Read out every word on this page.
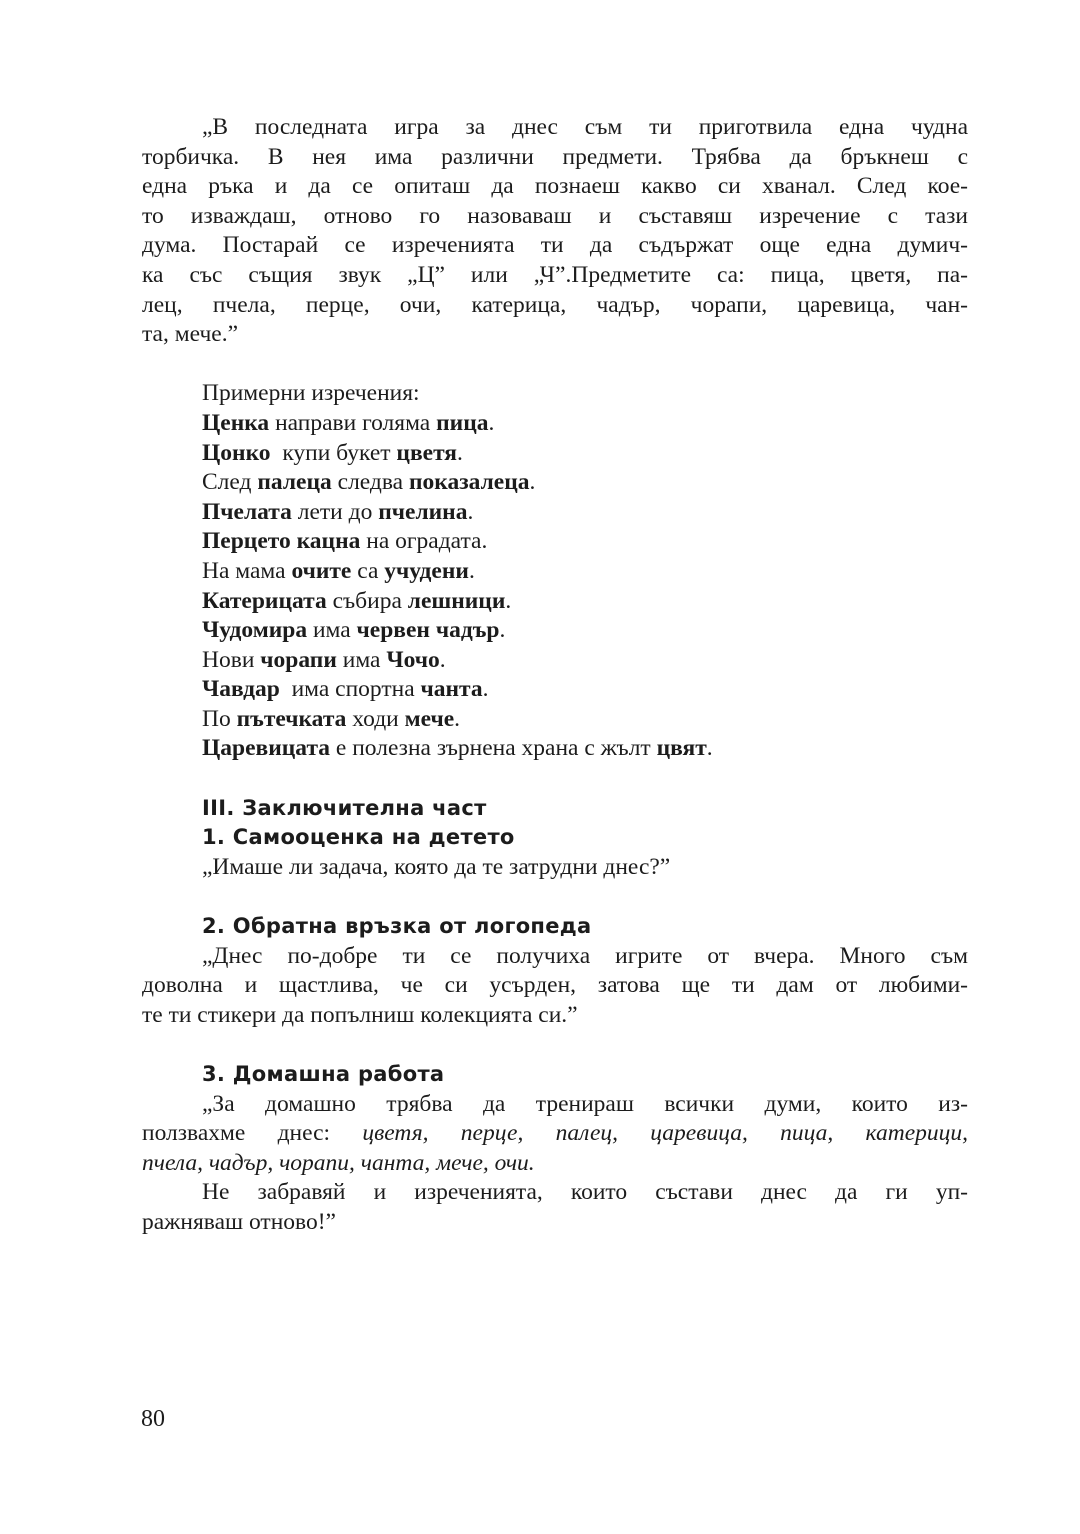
„В последната игра за днес съм ти приготвила една чудна

торбичка. В нея има различни предмети. Трябва да бръкнеш с

една ръка и да се опиташ да познаеш какво си хванал. След кое-

то изваждаш, отново го назоваваш и съставяш изречение с тази

дума. Постарай се изреченията ти да съдържат още една думич-

ка със същия звук „Ц” или „Ч”.Предметите са: пица, цветя, па-

лец, пчела, перце, очи, катерица, чадър, чорапи, царевица, чан-

та, мече.”

Примерни изречения:

Ценка направи голяма пица.

Цонко  купи букет цветя.

След палеца следва показалеца.

Пчелата лети до пчелина.

Перцето кацна на оградата.

На мама очите са учудени.

Катерицата събира лешници.

Чудомира има червен чадър.

Нови чорапи има Чочо.

Чавдар  има спортна чанта.

По пътечката ходи мече.

Царевицата е полезна зърнена храна с жълт цвят.

III. Заключителна част

1. Самооценка на детето

„Имаше ли задача, която да те затрудни днес?”

2. Обратна връзка от логопеда

„Днес по-добре ти се получиха игрите от вчера. Много съм

доволна и щастлива, че си усърден, затова ще ти дам от любими-

те ти стикери да попълниш колекцията си.”

3. Домашна работа

„За домашно трябва да тренираш всички думи, които из-

ползвахме днес: цветя, перце, палец, царевица, пица, катерици,

пчела, чадър, чорапи, чанта, мече, очи.

Не забравяй и изреченията, които състави днес да ги уп-

ражняваш отново!”

80
